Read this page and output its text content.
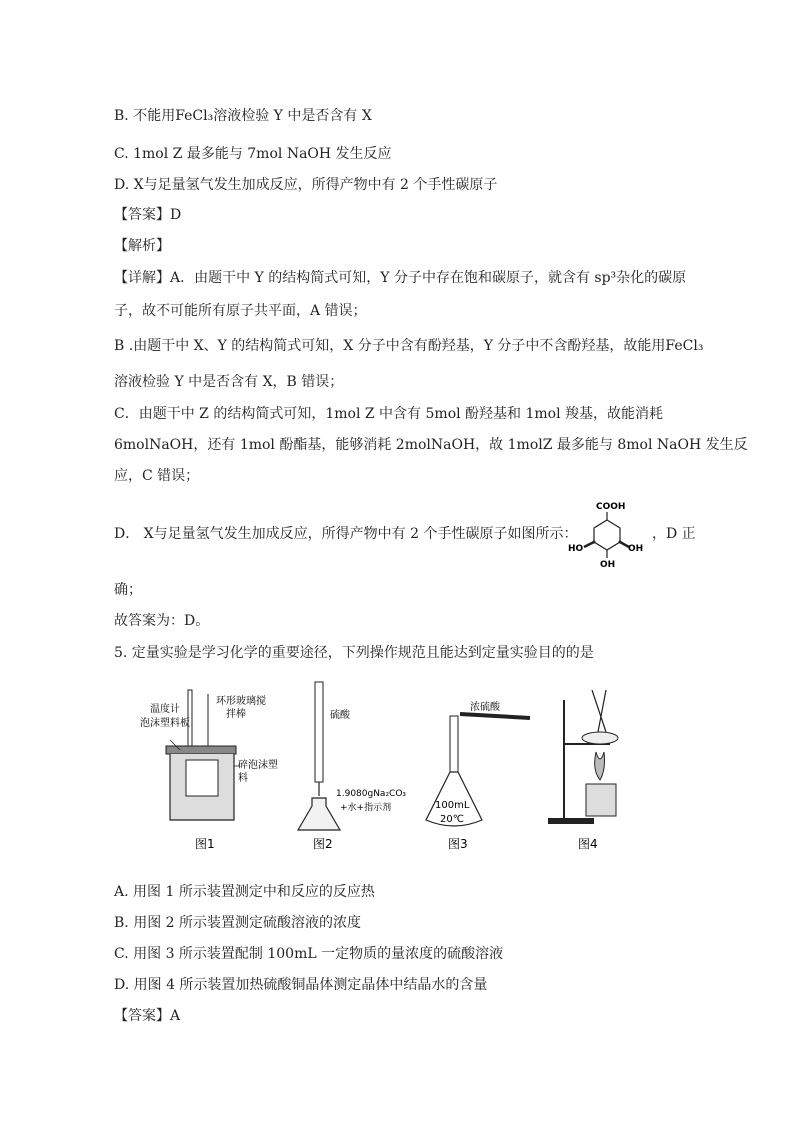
B. 不能用FeCl₃溶液检验 Y 中是否含有 X
C. 1mol Z 最多能与 7mol NaOH 发生反应
D. X与足量氢气发生加成反应，所得产物中有 2 个手性碳原子
【答案】D
【解析】
【详解】A．由题干中 Y 的结构简式可知，Y 分子中存在饱和碳原子，就含有 sp³杂化的碳原
子，故不可能所有原子共平面，A 错误；
B .由题干中 X、Y 的结构简式可知，X 分子中含有酚羟基，Y 分子中不含酚羟基，故能用FeCl₃
溶液检验 Y 中是否含有 X，B 错误；
C．由题干中 Z 的结构简式可知，1mol Z 中含有 5mol 酚羟基和 1mol 羧基，故能消耗
6molNaOH，还有 1mol 酚酯基，能够消耗 2molNaOH，故 1molZ 最多能与 8mol NaOH 发生反
应，C 错误；
D． X与足量氢气发生加成反应，所得产物中有 2 个手性碳原子如图所示：
COOH
HO	OH
OH
，D 正
确；
故答案为：D。
5. 定量实验是学习化学的重要途径，下列操作规范且能达到定量实验目的的是
温度计
泡沫塑料板
环形玻璃搅
拌棒
碎泡沫塑
料
图1
硫酸
1.9080gNa₂CO₃
+水+指示剂
图2
浓硫酸
100mL
20℃
图3	图4
A. 用图 1 所示装置测定中和反应的反应热
B. 用图 2 所示装置测定硫酸溶液的浓度
C. 用图 3 所示装置配制 100mL 一定物质的量浓度的硫酸溶液
D. 用图 4 所示装置加热硫酸铜晶体测定晶体中结晶水的含量
【答案】A
